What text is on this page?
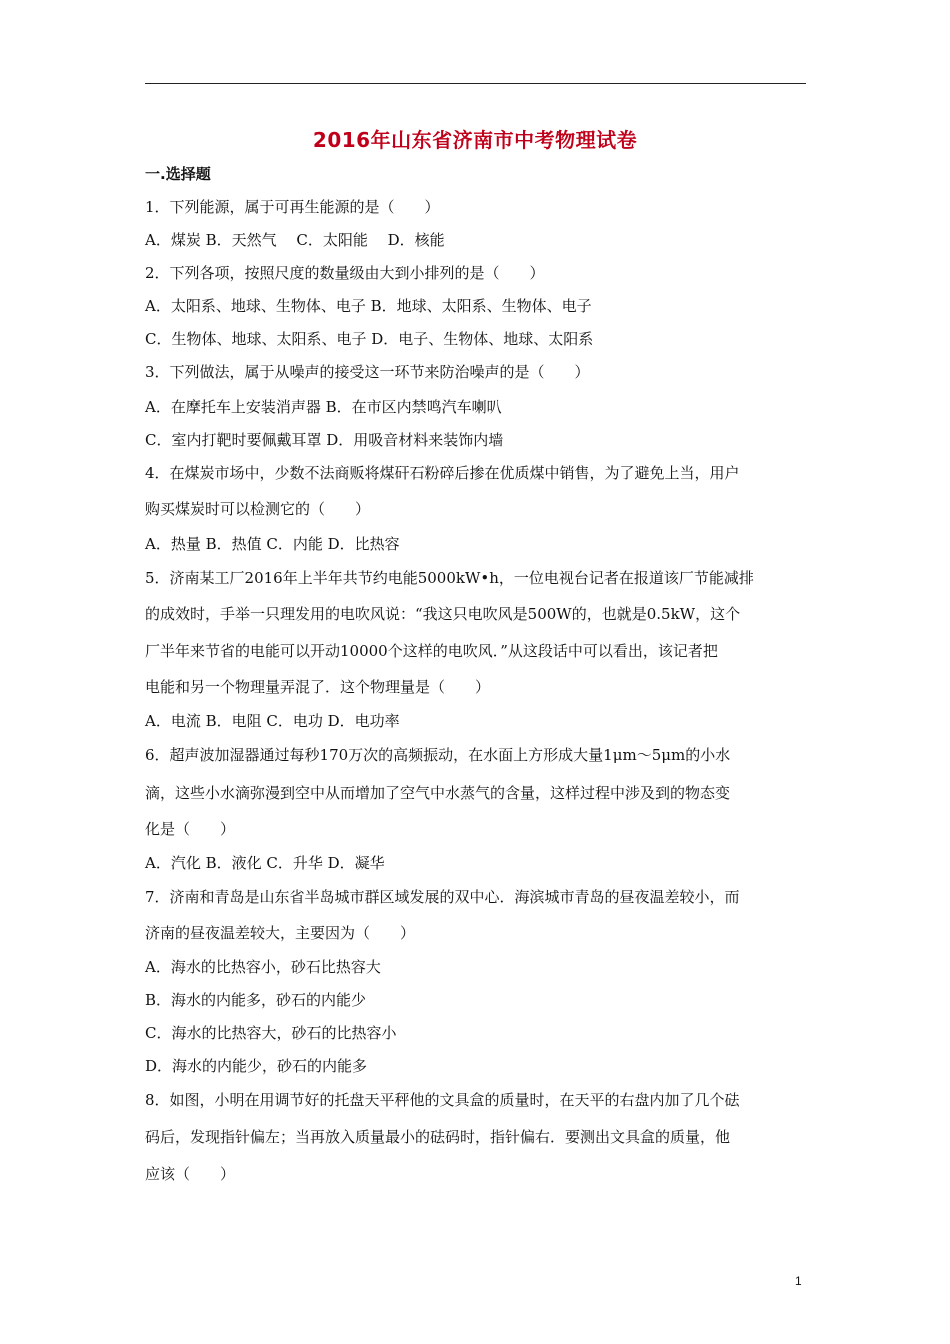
2016年山东省济南市中考物理试卷
一.选择题
1．下列能源，属于可再生能源的是（　　）
A．煤炭 B．天然气　 C．太阳能　 D．核能
2．下列各项，按照尺度的数量级由大到小排列的是（　　）
A．太阳系、地球、生物体、电子 B．地球、太阳系、生物体、电子
C．生物体、地球、太阳系、电子 D．电子、生物体、地球、太阳系
3．下列做法，属于从噪声的接受这一环节来防治噪声的是（　　）
A．在摩托车上安装消声器 B．在市区内禁鸣汽车喇叭
C．室内打靶时要佩戴耳罩 D．用吸音材料来装饰内墙
4．在煤炭市场中，少数不法商贩将煤矸石粉碎后掺在优质煤中销售，为了避免上当，用户
购买煤炭时可以检测它的（　　）
A．热量 B．热值 C．内能 D．比热容
5．济南某工厂2016年上半年共节约电能5000kW•h，一位电视台记者在报道该厂节能减排
的成效时，手举一只理发用的电吹风说：“我这只电吹风是500W的，也就是0.5kW，这个
厂半年来节省的电能可以开动10000个这样的电吹风．”从这段话中可以看出，该记者把
电能和另一个物理量弄混了．这个物理量是（　　）
A．电流 B．电阻 C．电功 D．电功率
6．超声波加湿器通过每秒170万次的高频振动，在水面上方形成大量1μm～5μm的小水
滴，这些小水滴弥漫到空中从而增加了空气中水蒸气的含量，这样过程中涉及到的物态变
化是（　　）
A．汽化 B．液化 C．升华 D．凝华
7．济南和青岛是山东省半岛城市群区域发展的双中心．海滨城市青岛的昼夜温差较小，而
济南的昼夜温差较大，主要因为（　　）
A．海水的比热容小，砂石比热容大
B．海水的内能多，砂石的内能少
C．海水的比热容大，砂石的比热容小
D．海水的内能少，砂石的内能多
8．如图，小明在用调节好的托盘天平秤他的文具盒的质量时，在天平的右盘内加了几个砝
码后，发现指针偏左；当再放入质量最小的砝码时，指针偏右．要测出文具盒的质量，他
应该（　　）
1
